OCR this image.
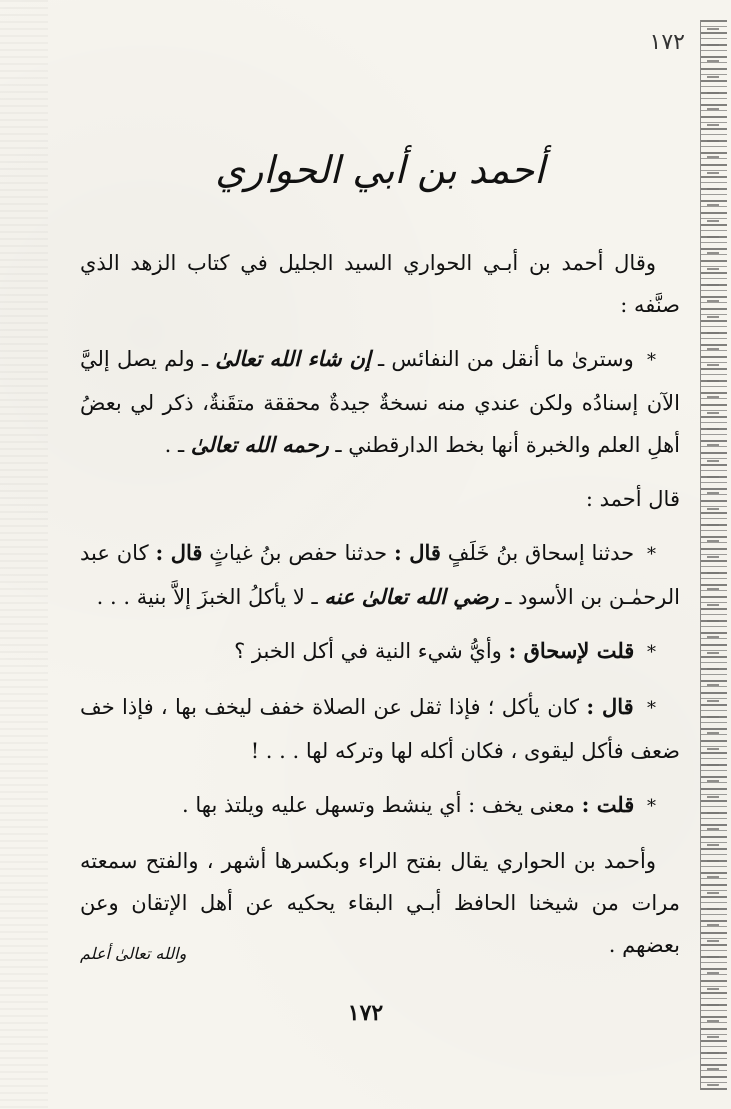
١٧٢
أحمد بن أبي الحواري

وقال أحمد بن أبـي الحواري السيد الجليل في كتاب الزهد الذي صنَّفه :

* وسترىٰ ما أنقل من النفائس ـ إن شاء الله تعالىٰ ـ ولم يصل إليَّ الآن إسنادُه ولكن عندي منه نسخةٌ جيدةٌ محققة متقَنةٌ، ذكر لي بعضُ أهلِ العلم والخبرة أنها بخط الدارقطني ـ رحمه الله تعالىٰ ـ .

قال أحمد :

* حدثنا إسحاق بنُ خَلَفٍ قال : حدثنا حفص بنُ غياثٍ قال : كان عبد الرحمٰـن بن الأسود ـ رضي الله تعالىٰ عنه ـ لا يأكلُ الخبزَ إلاَّ بنية . . .

* قلت لإسحاق : وأيُّ شيء النية في أكل الخبز ؟

* قال : كان يأكل ؛ فإذا ثقل عن الصلاة خفف ليخف بها ، فإذا خف ضعف فأكل ليقوى ، فكان أكله لها وتركه لها . . . !

* قلت : معنى يخف : أي ينشط وتسهل عليه ويلتذ بها .

وأحمد بن الحواري يقال بفتح الراء وبكسرها أشهر ، والفتح سمعته مرات من شيخنا الحافظ أبـي البقاء يحكيه عن أهل الإتقان وعن بعضهم .

والله تعالىٰ أعلم
١٧٢
